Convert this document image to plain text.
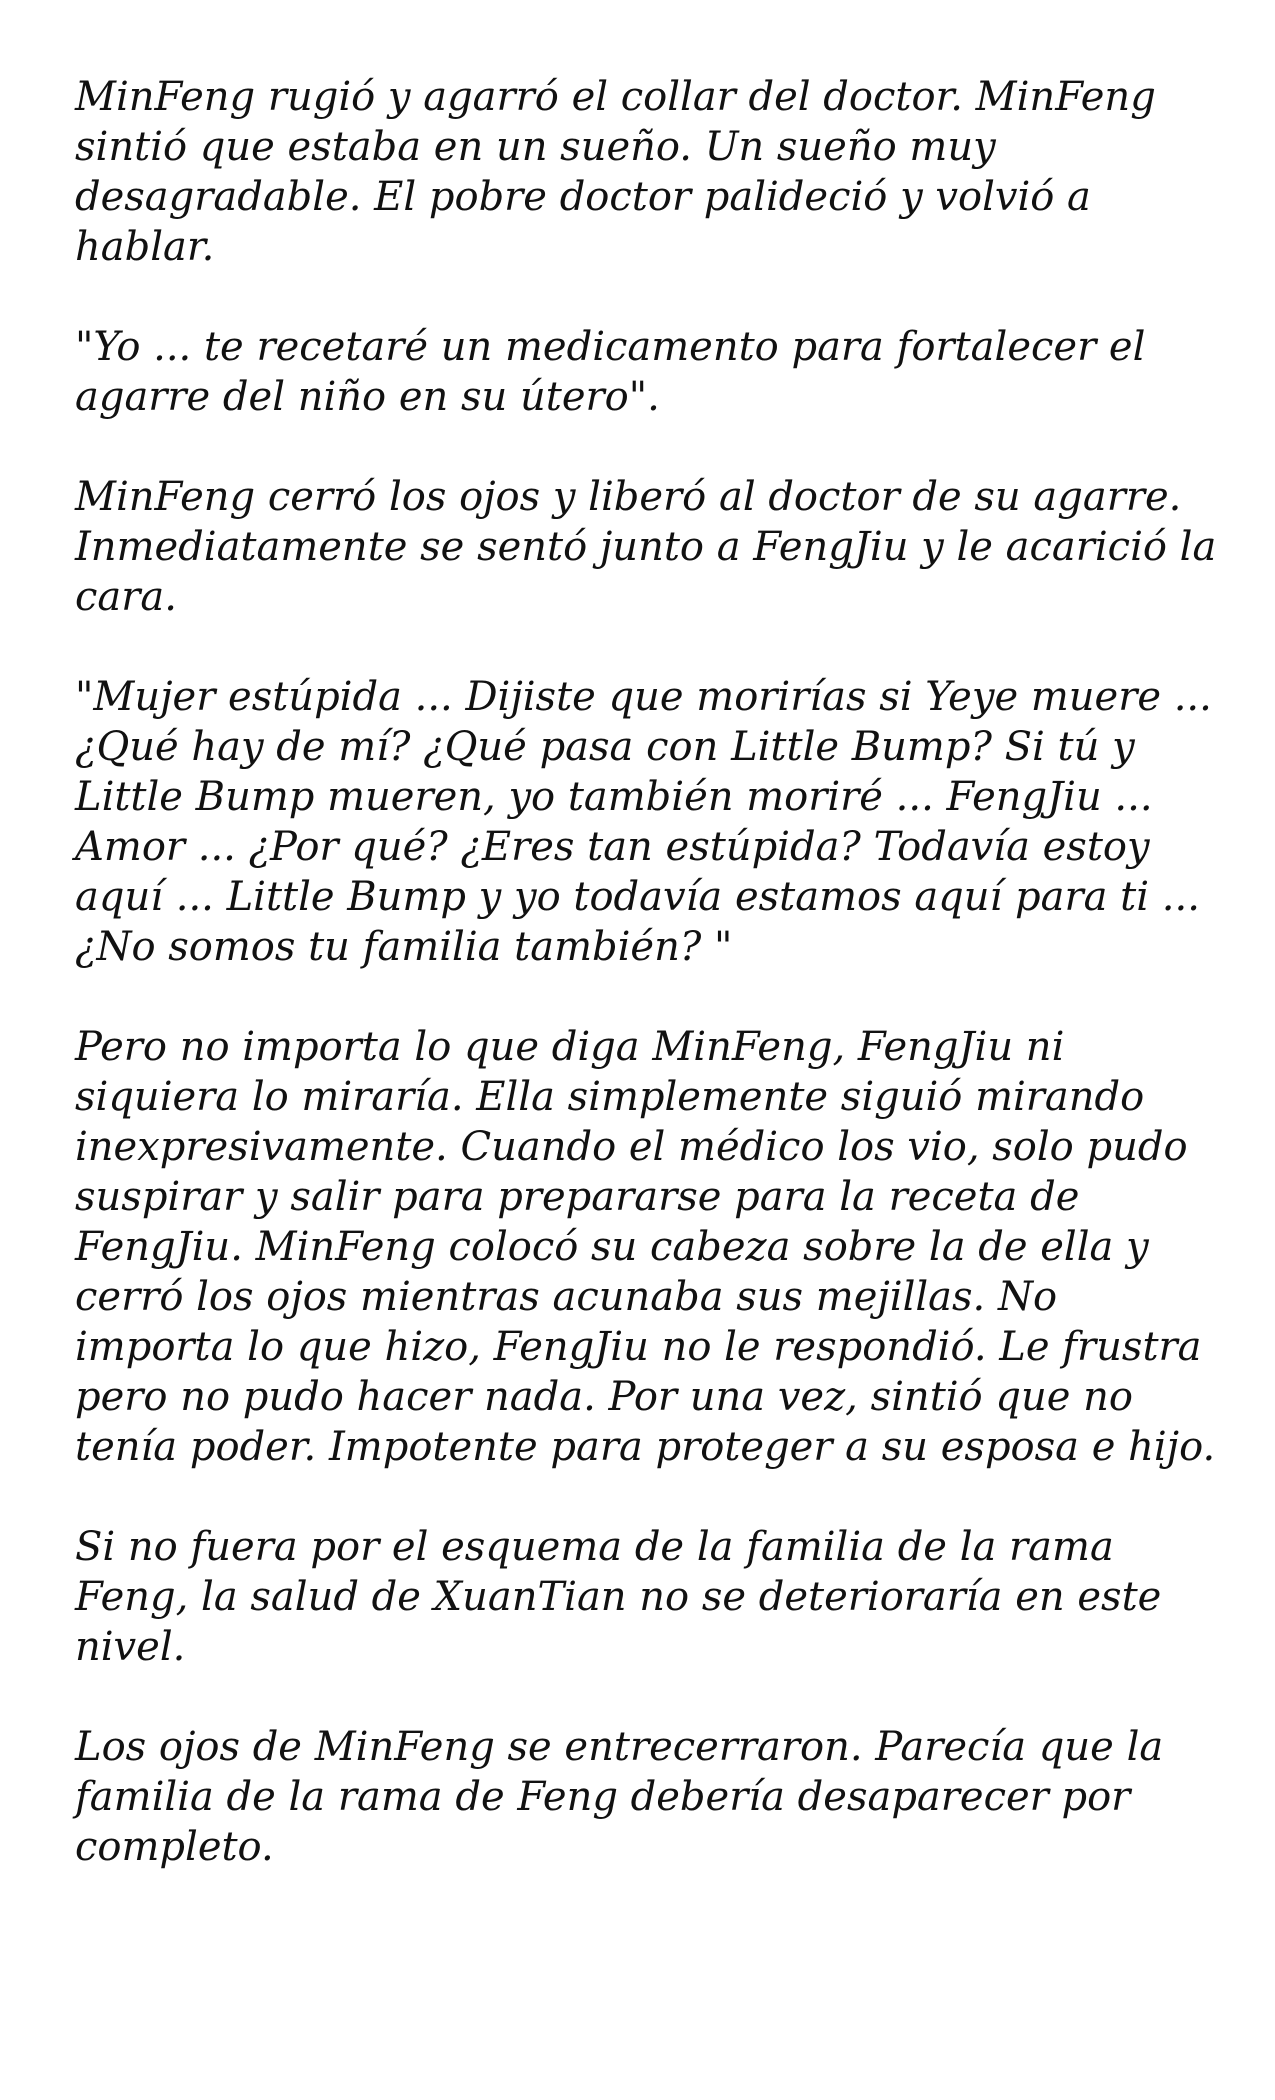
MinFeng rugió y agarró el collar del doctor. MinFeng sintió que estaba en un sueño. Un sueño muy desagradable. El pobre doctor palideció y volvió a hablar.

"Yo ... te recetaré un medicamento para fortalecer el agarre del niño en su útero".

MinFeng cerró los ojos y liberó al doctor de su agarre. Inmediatamente se sentó junto a FengJiu y le acarició la cara.

"Mujer estúpida ... Dijiste que morirías si Yeye muere ... ¿Qué hay de mí? ¿Qué pasa con Little Bump? Si tú y Little Bump mueren, yo también moriré ... FengJiu ... Amor ... ¿Por qué? ¿Eres tan estúpida? Todavía estoy aquí ... Little Bump y yo todavía estamos aquí para ti ... ¿No somos tu familia también? "

Pero no importa lo que diga MinFeng, FengJiu ni siquiera lo miraría. Ella simplemente siguió mirando inexpresivamente. Cuando el médico los vio, solo pudo suspirar y salir para prepararse para la receta de FengJiu. MinFeng colocó su cabeza sobre la de ella y cerró los ojos mientras acunaba sus mejillas. No importa lo que hizo, FengJiu no le respondió. Le frustra pero no pudo hacer nada. Por una vez, sintió que no tenía poder. Impotente para proteger a su esposa e hijo.

Si no fuera por el esquema de la familia de la rama Feng, la salud de XuanTian no se deterioraría en este nivel.

Los ojos de MinFeng se entrecerraron. Parecía que la familia de la rama de Feng debería desaparecer por completo.
